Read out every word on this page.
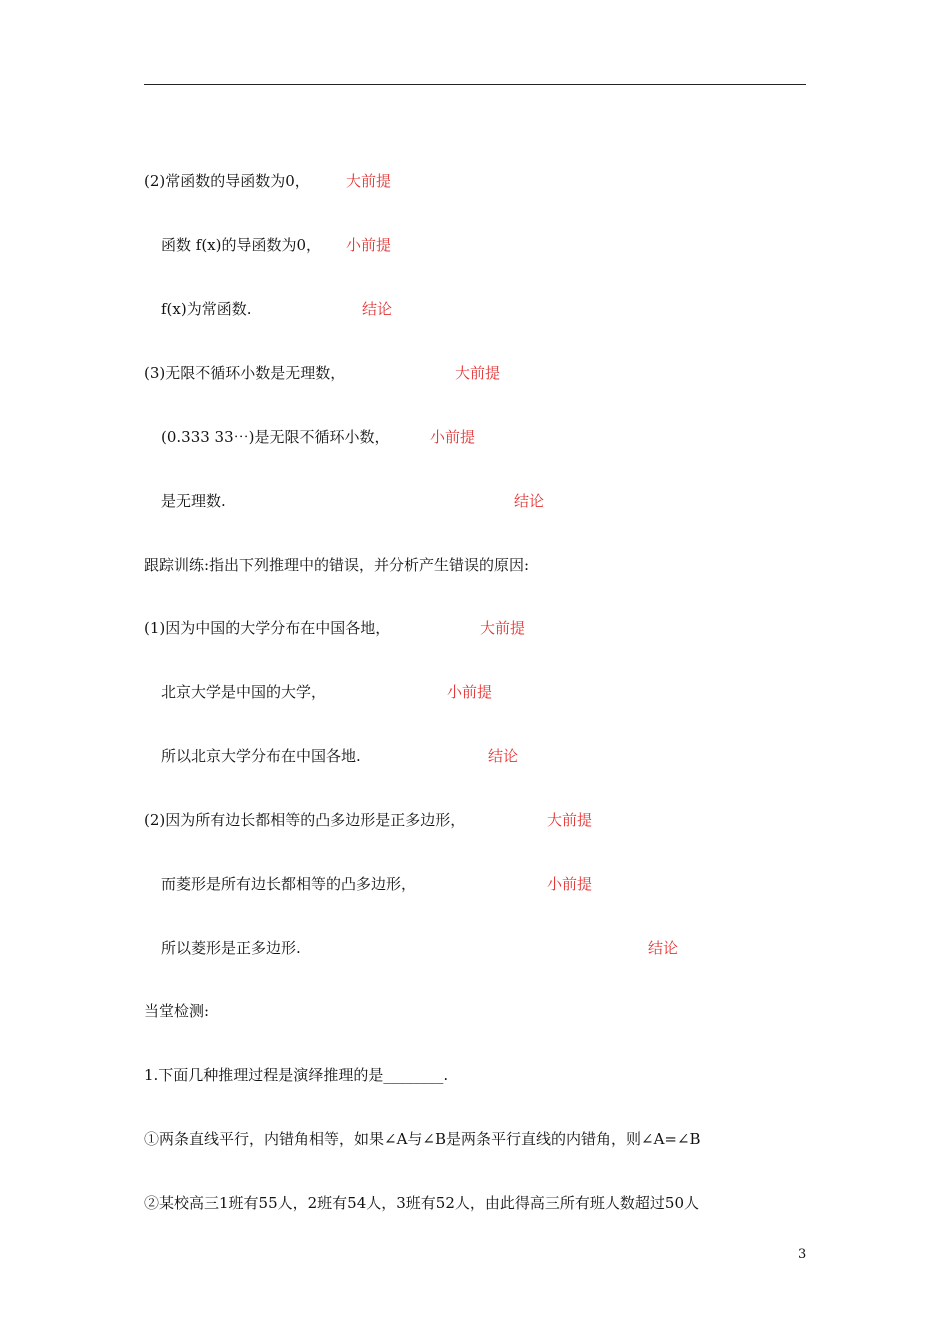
(2)常函数的导函数为0， 大前提
函数 f(x)的导函数为0， 小前提
f(x)为常函数.	结论
(3)无限不循环小数是无理数，	大前提
(0.333 33⋯)是无限不循环小数，	小前提
是无理数.	结论
跟踪训练:指出下列推理中的错误，并分析产生错误的原因:
(1)因为中国的大学分布在中国各地，	大前提
北京大学是中国的大学，	小前提
所以北京大学分布在中国各地.	结论
(2)因为所有边长都相等的凸多边形是正多边形，	大前提
而菱形是所有边长都相等的凸多边形，	小前提
所以菱形是正多边形.	结论
当堂检测:
1.下面几种推理过程是演绎推理的是________.
①两条直线平行，内错角相等，如果∠A与∠B是两条平行直线的内错角，则∠A=∠B
②某校高三1班有55人，2班有54人，3班有52人，由此得高三所有班人数超过50人
3
